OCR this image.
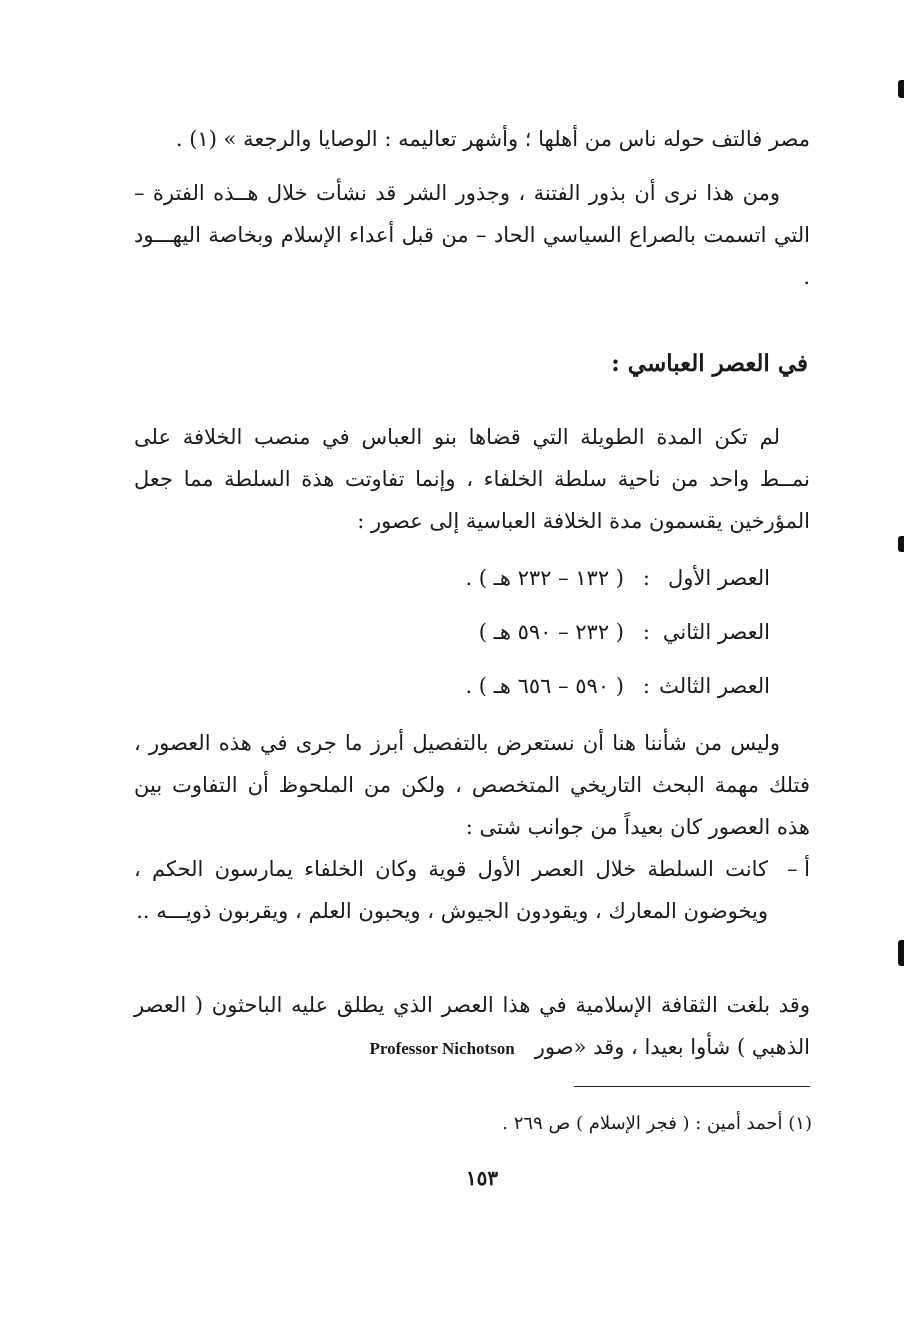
مصر فالتف حوله ناس من أهلها ؛ وأشهر تعاليمه : الوصايا والرجعة » (١) .

ومن هذا نرى أن بذور الفتنة ، وجذور الشر قد نشأت خلال هــذه الفترة – التي اتسمت بالصراع السياسي الحاد – من قبل أعداء الإسلام وبخاصة اليهـــود .

في العصر العباسي :

لم تكن المدة الطويلة التي قضاها بنو العباس في منصب الخلافة على نمــط واحد من ناحية سلطة الخلفاء ، وإنما تفاوتت هذة السلطة مما جعل المؤرخين يقسمون مدة الخلافة العباسية إلى عصور :

العصر الأول
:
( ١٣٢ – ٢٣٢ هـ ) .
العصر الثاني
:
( ٢٣٢ – ٥٩٠ هـ )
العصر الثالث
:
( ٥٩٠ – ٦٥٦ هـ ) .

وليس من شأننا هنا أن نستعرض بالتفصيل أبرز ما جرى في هذه العصور ، فتلك مهمة البحث التاريخي المتخصص ، ولكن من الملحوظ أن التفاوت بين هذه العصور كان بعيداً من جوانب شتى :

أ –
كانت السلطة خلال العصر الأول قوية وكان الخلفاء يمارسون الحكم ، ويخوضون المعارك ، ويقودون الجيوش ، ويحبون العلم ، ويقربون ذويـــه ..
وقد بلغت الثقافة الإسلامية في هذا العصر الذي يطلق عليه الباحثون ( العصر الذهبي ) شأوا بعيدا ، وقد «صور   Professor Nichotson
(١) أحمد أمين : ( فجر الإسلام ) ص ٢٦٩ .
١٥٣
